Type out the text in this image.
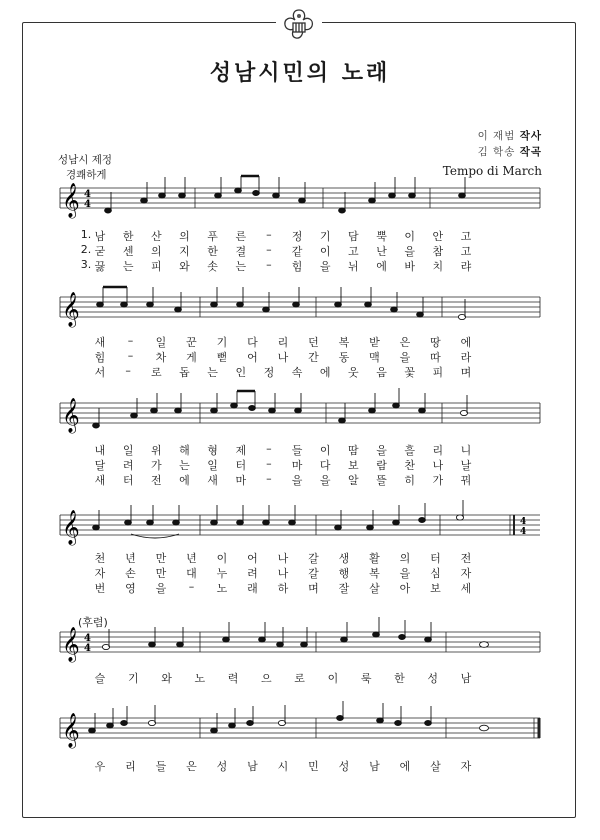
성남시민의 노래
이 재범 작사
김 학송 작곡
성남시 제정
경쾌하게	Tempo di March
(후렴)
𝄞 4
4
𝄞
𝄞
𝄞	4
4
𝄞 4
4
𝄞
1. 남 한 산 의 푸 른 – 정 기 담 뿍 이 안 고
2. 굳 센 의 지 한 결 – 같 이 고 난 을 참 고
3. 끓 는 피 와 솟 는 – 힘 을 뉘 에 바 치 랴
새 – 일 꾼 기 다 리 던 복 받 은 땅 에
힘 – 차 게 뻗 어 나 간 동 맥 을 따 라
서 – 로 돕 는 인 정 속 에 웃 음 꽃 피 며
내 일 위 해 형 제 – 들 이 땀 을 흘 리 니
달 려 가 는 일 터 – 마 다 보 람 찬 나 날
새 터 전 에 새 마 – 을 을 알 뜰 히 가 꿔
천 년 만 년 이 어 나 갈 생 활 의 터 전
자 손 만 대 누 려 나 갈 행 복 을 심 자
번 영 을 – 노 래 하 며 잘 살 아 보 세
슬 기 와 노 력 으 로 이 룩 한 성 남
우 리 들 은 성 남 시 민 성 남 에 살 자
